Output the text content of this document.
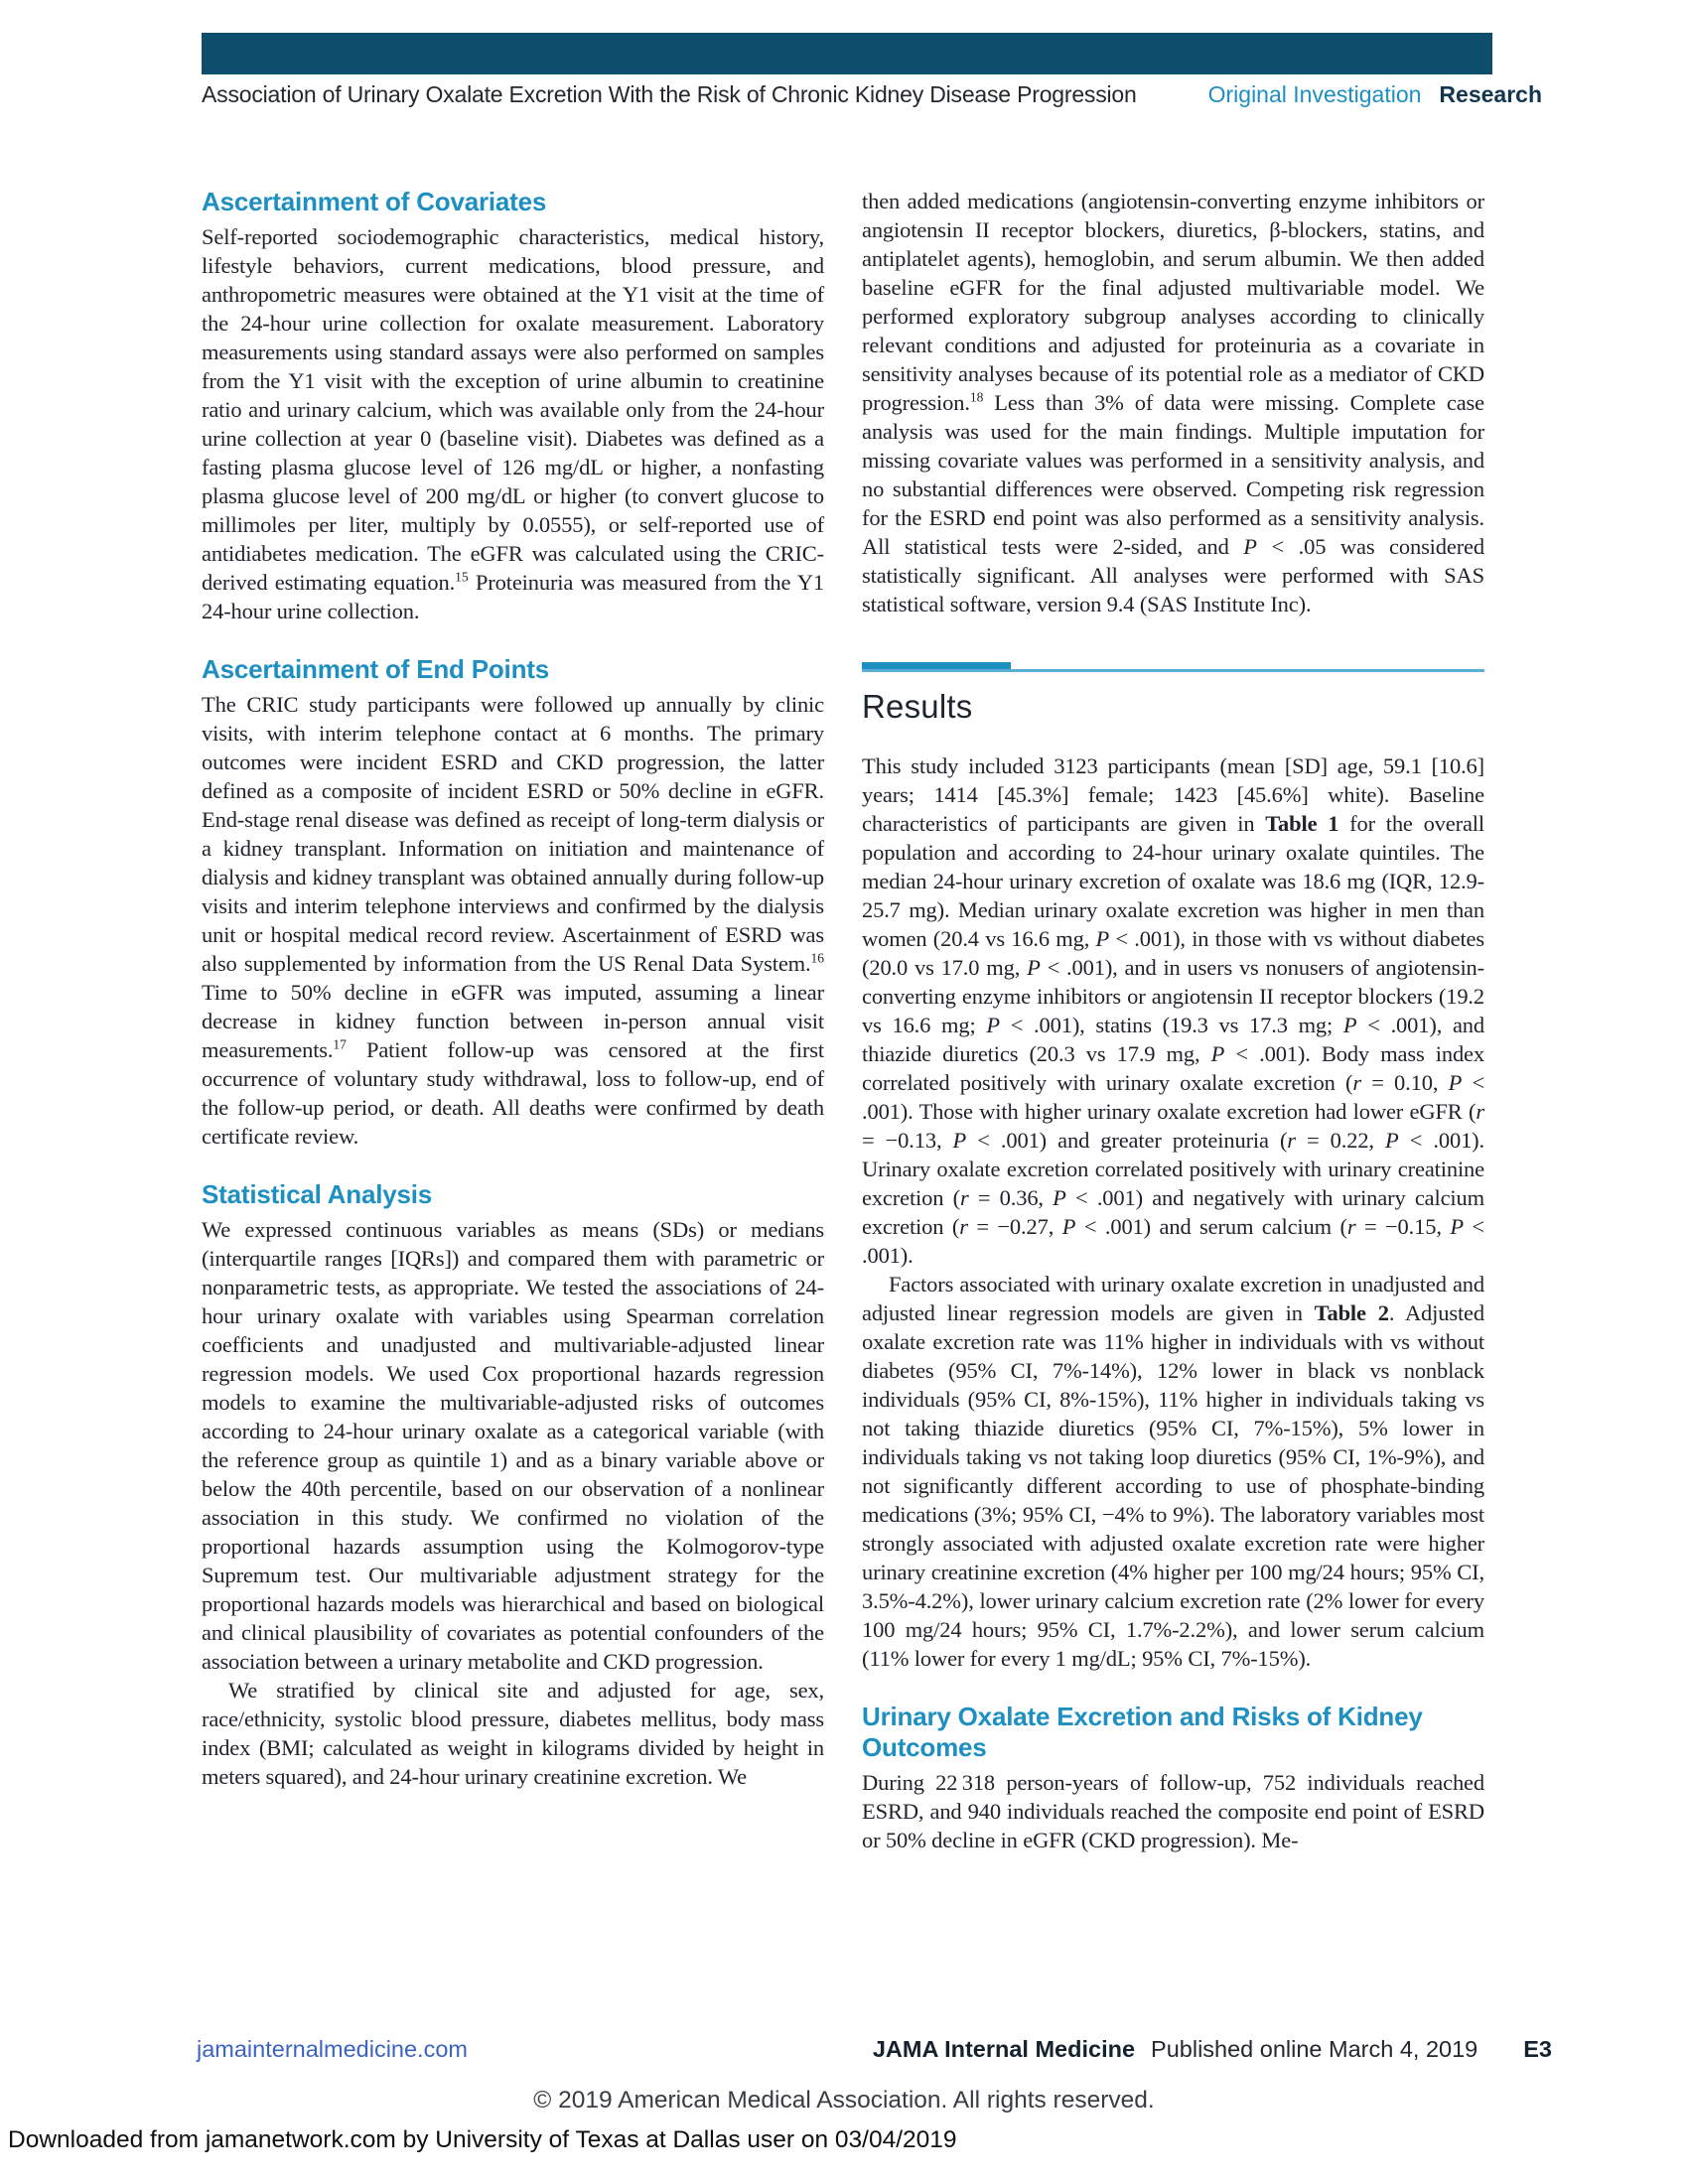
Association of Urinary Oxalate Excretion With the Risk of Chronic Kidney Disease Progression	Original Investigation Research
Ascertainment of Covariates

Self-reported sociodemographic characteristics, medical history, lifestyle behaviors, current medications, blood pressure, and anthropometric measures were obtained at the Y1 visit at the time of the 24-hour urine collection for oxalate measurement. Laboratory measurements using standard assays were also performed on samples from the Y1 visit with the exception of urine albumin to creatinine ratio and urinary calcium, which was available only from the 24-hour urine collection at year 0 (baseline visit). Diabetes was defined as a fasting plasma glucose level of 126 mg/dL or higher, a nonfasting plasma glucose level of 200 mg/dL or higher (to convert glucose to millimoles per liter, multiply by 0.0555), or self-reported use of antidiabetes medication. The eGFR was calculated using the CRIC-derived estimating equation.$^{15}$ Proteinuria was measured from the Y1 24-hour urine collection.

Ascertainment of End Points

The CRIC study participants were followed up annually by clinic visits, with interim telephone contact at 6 months. The primary outcomes were incident ESRD and CKD progression, the latter defined as a composite of incident ESRD or 50% decline in eGFR. End-stage renal disease was defined as receipt of long-term dialysis or a kidney transplant. Information on initiation and maintenance of dialysis and kidney transplant was obtained annually during follow-up visits and interim telephone interviews and confirmed by the dialysis unit or hospital medical record review. Ascertainment of ESRD was also supplemented by information from the US Renal Data System.$^{16}$ Time to 50% decline in eGFR was imputed, assuming a linear decrease in kidney function between in-person annual visit measurements.$^{17}$ Patient follow-up was censored at the first occurrence of voluntary study withdrawal, loss to follow-up, end of the follow-up period, or death. All deaths were confirmed by death certificate review.

Statistical Analysis

We expressed continuous variables as means (SDs) or medians (interquartile ranges [IQRs]) and compared them with parametric or nonparametric tests, as appropriate. We tested the associations of 24-hour urinary oxalate with variables using Spearman correlation coefficients and unadjusted and multivariable-adjusted linear regression models. We used Cox proportional hazards regression models to examine the multivariable-adjusted risks of outcomes according to 24-hour urinary oxalate as a categorical variable (with the reference group as quintile 1) and as a binary variable above or below the 40th percentile, based on our observation of a nonlinear association in this study. We confirmed no violation of the proportional hazards assumption using the Kolmogorov-type Supremum test. Our multivariable adjustment strategy for the proportional hazards models was hierarchical and based on biological and clinical plausibility of covariates as potential confounders of the association between a urinary metabolite and CKD progression.

We stratified by clinical site and adjusted for age, sex, race/ethnicity, systolic blood pressure, diabetes mellitus, body mass index (BMI; calculated as weight in kilograms divided by height in meters squared), and 24-hour urinary creatinine excretion. We

then added medications (angiotensin-converting enzyme inhibitors or angiotensin II receptor blockers, diuretics, β-blockers, statins, and antiplatelet agents), hemoglobin, and serum albumin. We then added baseline eGFR for the final adjusted multivariable model. We performed exploratory subgroup analyses according to clinically relevant conditions and adjusted for proteinuria as a covariate in sensitivity analyses because of its potential role as a mediator of CKD progression.$^{18}$ Less than 3% of data were missing. Complete case analysis was used for the main findings. Multiple imputation for missing covariate values was performed in a sensitivity analysis, and no substantial differences were observed. Competing risk regression for the ESRD end point was also performed as a sensitivity analysis. All statistical tests were 2-sided, and P < .05 was considered statistically significant. All analyses were performed with SAS statistical software, version 9.4 (SAS Institute Inc).

Results

This study included 3123 participants (mean [SD] age, 59.1 [10.6] years; 1414 [45.3%] female; 1423 [45.6%] white). Baseline characteristics of participants are given in Table 1 for the overall population and according to 24-hour urinary oxalate quintiles. The median 24-hour urinary excretion of oxalate was 18.6 mg (IQR, 12.9-25.7 mg). Median urinary oxalate excretion was higher in men than women (20.4 vs 16.6 mg, P < .001), in those with vs without diabetes (20.0 vs 17.0 mg, P < .001), and in users vs nonusers of angiotensin-converting enzyme inhibitors or angiotensin II receptor blockers (19.2 vs 16.6 mg; P < .001), statins (19.3 vs 17.3 mg; P < .001), and thiazide diuretics (20.3 vs 17.9 mg, P < .001). Body mass index correlated positively with urinary oxalate excretion (r = 0.10, P < .001). Those with higher urinary oxalate excretion had lower eGFR (r = −0.13, P < .001) and greater proteinuria (r = 0.22, P < .001). Urinary oxalate excretion correlated positively with urinary creatinine excretion (r = 0.36, P < .001) and negatively with urinary calcium excretion (r = −0.27, P < .001) and serum calcium (r = −0.15, P < .001).

Factors associated with urinary oxalate excretion in unadjusted and adjusted linear regression models are given in Table 2. Adjusted oxalate excretion rate was 11% higher in individuals with vs without diabetes (95% CI, 7%-14%), 12% lower in black vs nonblack individuals (95% CI, 8%-15%), 11% higher in individuals taking vs not taking thiazide diuretics (95% CI, 7%-15%), 5% lower in individuals taking vs not taking loop diuretics (95% CI, 1%-9%), and not significantly different according to use of phosphate-binding medications (3%; 95% CI, −4% to 9%). The laboratory variables most strongly associated with adjusted oxalate excretion rate were higher urinary creatinine excretion (4% higher per 100 mg/24 hours; 95% CI, 3.5%-4.2%), lower urinary calcium excretion rate (2% lower for every 100 mg/24 hours; 95% CI, 1.7%-2.2%), and lower serum calcium (11% lower for every 1 mg/dL; 95% CI, 7%-15%).

Urinary Oxalate Excretion and Risks of Kidney Outcomes

During 22 318 person-years of follow-up, 752 individuals reached ESRD, and 940 individuals reached the composite end point of ESRD or 50% decline in eGFR (CKD progression). Me-

jamainternalmedicine.com	JAMA Internal Medicine Published online March 4, 2019 E3
© 2019 American Medical Association. All rights reserved.
Downloaded from jamanetwork.com by University of Texas at Dallas user on 03/04/2019
